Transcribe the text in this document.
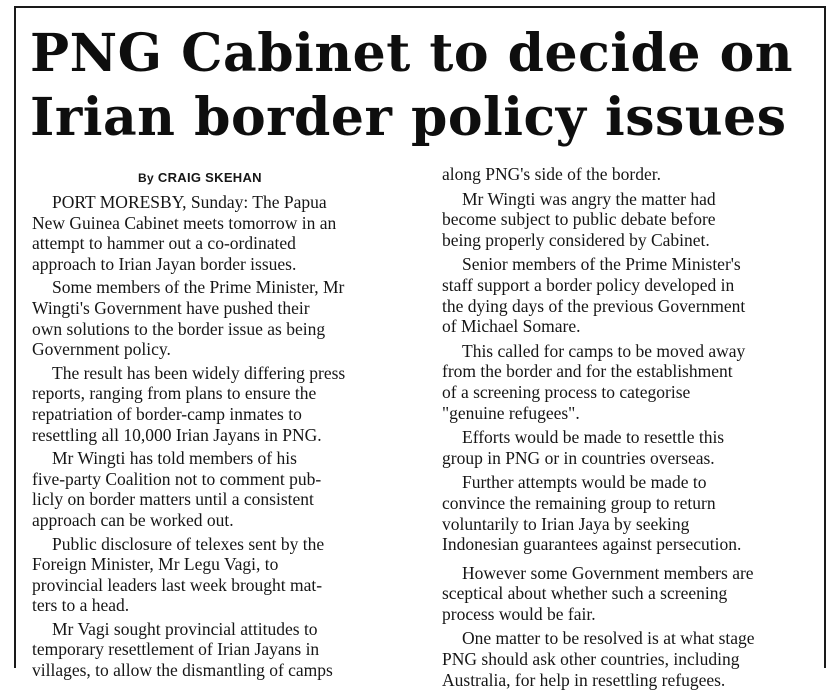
PNG Cabinet to decide on
Irian border policy issues
By CRAIG SKEHAN
PORT MORESBY, Sunday: The Papua
New Guinea Cabinet meets tomorrow in an
attempt to hammer out a co-ordinated
approach to Irian Jayan border issues.
Some members of the Prime Minister, Mr
Wingti's Government have pushed their
own solutions to the border issue as being
Government policy.
The result has been widely differing press
reports, ranging from plans to ensure the
repatriation of border-camp inmates to
resettling all 10,000 Irian Jayans in PNG.
Mr Wingti has told members of his
five-party Coalition not to comment pub-
licly on border matters until a consistent
approach can be worked out.
Public disclosure of telexes sent by the
Foreign Minister, Mr Legu Vagi, to
provincial leaders last week brought mat-
ters to a head.
Mr Vagi sought provincial attitudes to
temporary resettlement of Irian Jayans in
villages, to allow the dismantling of camps
along PNG's side of the border.
Mr Wingti was angry the matter had
become subject to public debate before
being properly considered by Cabinet.
Senior members of the Prime Minister's
staff support a border policy developed in
the dying days of the previous Government
of Michael Somare.
This called for camps to be moved away
from the border and for the establishment
of a screening process to categorise
"genuine refugees".
Efforts would be made to resettle this
group in PNG or in countries overseas.
Further attempts would be made to
convince the remaining group to return
voluntarily to Irian Jaya by seeking
Indonesian guarantees against persecution.
However some Government members are
sceptical about whether such a screening
process would be fair.
One matter to be resolved is at what stage
PNG should ask other countries, including
Australia, for help in resettling refugees.
